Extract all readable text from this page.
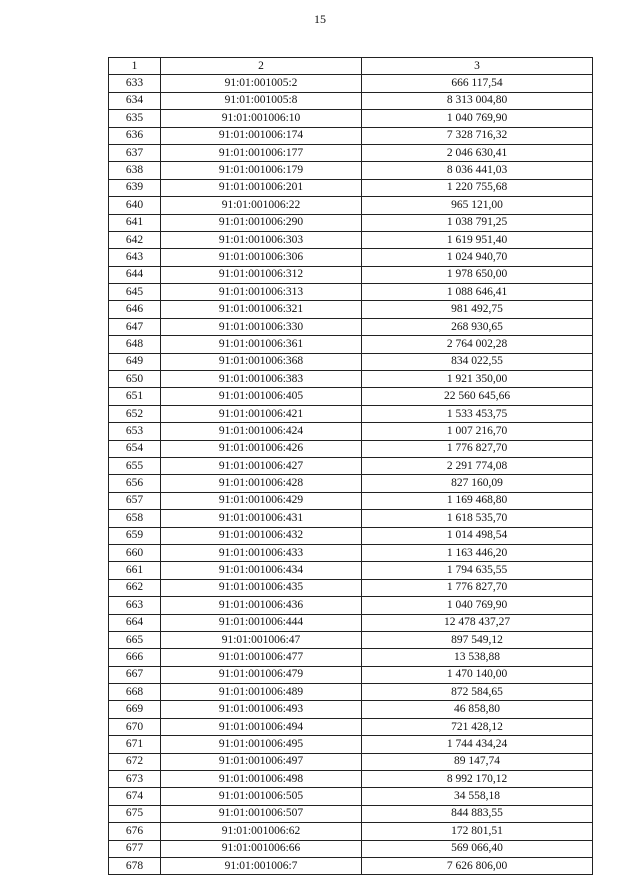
15
1	2	3
633	91:01:001005:2	666 117,54
634	91:01:001005:8	8 313 004,80
635	91:01:001006:10	1 040 769,90
636	91:01:001006:174	7 328 716,32
637	91:01:001006:177	2 046 630,41
638	91:01:001006:179	8 036 441,03
639	91:01:001006:201	1 220 755,68
640	91:01:001006:22	965 121,00
641	91:01:001006:290	1 038 791,25
642	91:01:001006:303	1 619 951,40
643	91:01:001006:306	1 024 940,70
644	91:01:001006:312	1 978 650,00
645	91:01:001006:313	1 088 646,41
646	91:01:001006:321	981 492,75
647	91:01:001006:330	268 930,65
648	91:01:001006:361	2 764 002,28
649	91:01:001006:368	834 022,55
650	91:01:001006:383	1 921 350,00
651	91:01:001006:405	22 560 645,66
652	91:01:001006:421	1 533 453,75
653	91:01:001006:424	1 007 216,70
654	91:01:001006:426	1 776 827,70
655	91:01:001006:427	2 291 774,08
656	91:01:001006:428	827 160,09
657	91:01:001006:429	1 169 468,80
658	91:01:001006:431	1 618 535,70
659	91:01:001006:432	1 014 498,54
660	91:01:001006:433	1 163 446,20
661	91:01:001006:434	1 794 635,55
662	91:01:001006:435	1 776 827,70
663	91:01:001006:436	1 040 769,90
664	91:01:001006:444	12 478 437,27
665	91:01:001006:47	897 549,12
666	91:01:001006:477	13 538,88
667	91:01:001006:479	1 470 140,00
668	91:01:001006:489	872 584,65
669	91:01:001006:493	46 858,80
670	91:01:001006:494	721 428,12
671	91:01:001006:495	1 744 434,24
672	91:01:001006:497	89 147,74
673	91:01:001006:498	8 992 170,12
674	91:01:001006:505	34 558,18
675	91:01:001006:507	844 883,55
676	91:01:001006:62	172 801,51
677	91:01:001006:66	569 066,40
678	91:01:001006:7	7 626 806,00
